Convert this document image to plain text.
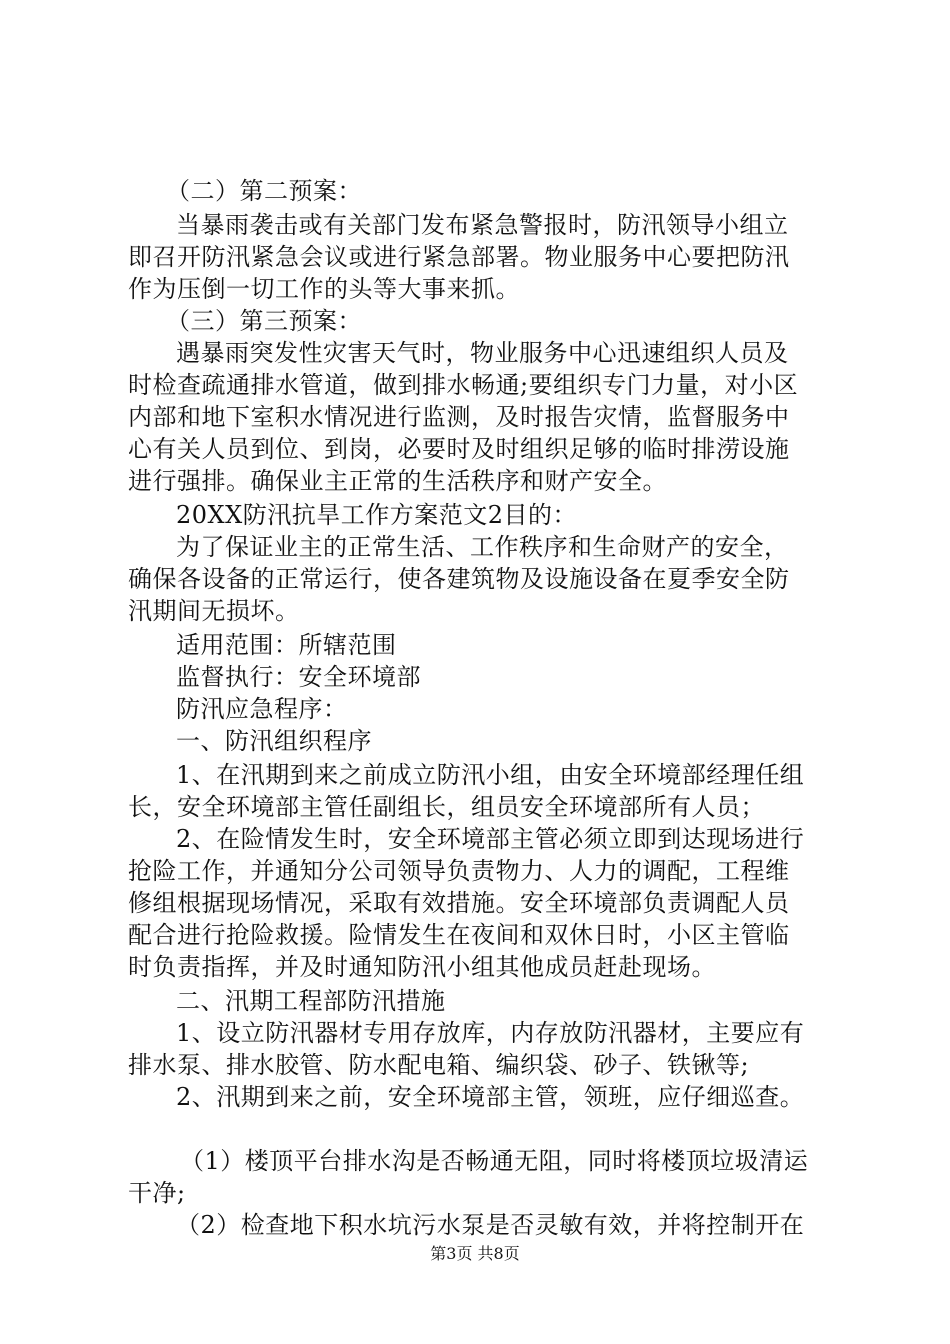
（二）第二预案：
当暴雨袭击或有关部门发布紧急警报时，防汛领导小组立
即召开防汛紧急会议或进行紧急部署。物业服务中心要把防汛
作为压倒一切工作的头等大事来抓。
（三）第三预案：
遇暴雨突发性灾害天气时，物业服务中心迅速组织人员及
时检查疏通排水管道，做到排水畅通;要组织专门力量，对小区
内部和地下室积水情况进行监测，及时报告灾情，监督服务中
心有关人员到位、到岗，必要时及时组织足够的临时排涝设施
进行强排。确保业主正常的生活秩序和财产安全。
20XX防汛抗旱工作方案范文2目的：
为了保证业主的正常生活、工作秩序和生命财产的安全，
确保各设备的正常运行，使各建筑物及设施设备在夏季安全防
汛期间无损坏。
适用范围：所辖范围
监督执行：安全环境部
防汛应急程序：
一、防汛组织程序
1、在汛期到来之前成立防汛小组，由安全环境部经理任组
长，安全环境部主管任副组长，组员安全环境部所有人员；
2、在险情发生时，安全环境部主管必须立即到达现场进行
抢险工作，并通知分公司领导负责物力、人力的调配，工程维
修组根据现场情况，采取有效措施。安全环境部负责调配人员
配合进行抢险救援。险情发生在夜间和双休日时，小区主管临
时负责指挥，并及时通知防汛小组其他成员赶赴现场。
二、汛期工程部防汛措施
1、设立防汛器材专用存放库，内存放防汛器材，主要应有
排水泵、排水胶管、防水配电箱、编织袋、砂子、铁锹等;
2、汛期到来之前，安全环境部主管，领班，应仔细巡查。
（1）楼顶平台排水沟是否畅通无阻，同时将楼顶垃圾清运
干净;
（2）检查地下积水坑污水泵是否灵敏有效，并将控制开在
第3页 共8页
